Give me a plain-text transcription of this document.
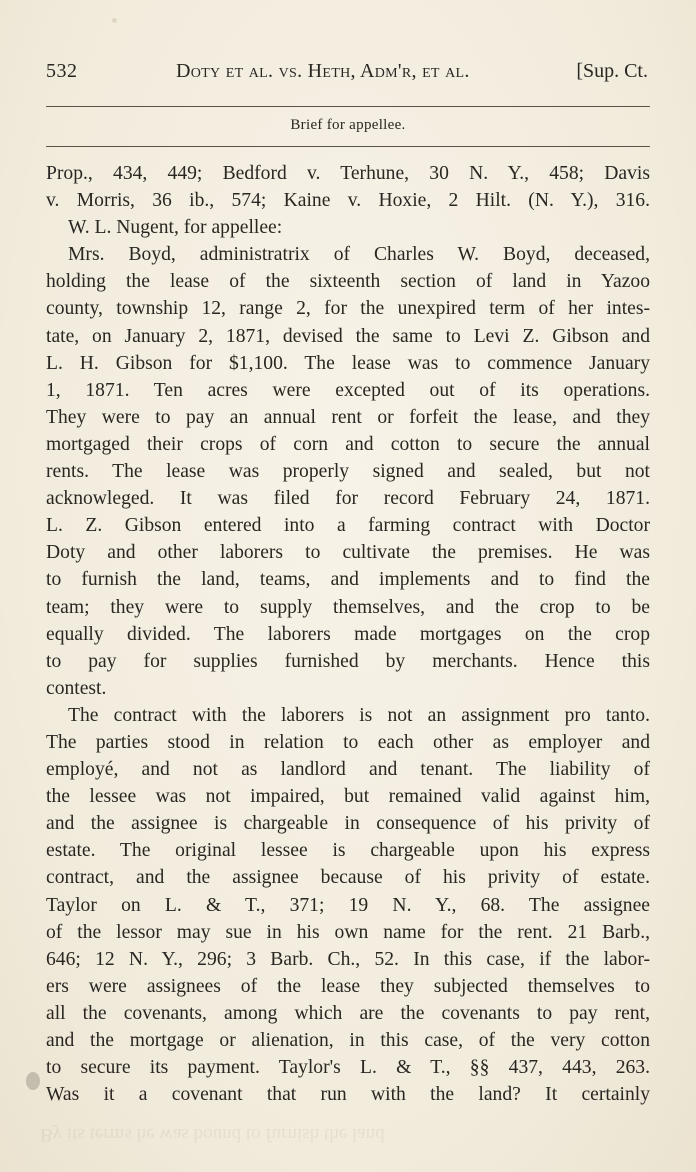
532	Doty et al. vs. Heth, Adm'r, et al.	[Sup. Ct.
Brief for appellee.
Prop., 434, 449; Bedford v. Terhune, 30 N. Y., 458; Davis
v. Morris, 36 ib., 574; Kaine v. Hoxie, 2 Hilt. (N. Y.), 316.
W. L. Nugent, for appellee:
Mrs. Boyd, administratrix of Charles W. Boyd, deceased,
holding the lease of the sixteenth section of land in Yazoo
county, township 12, range 2, for the unexpired term of her intes-
tate, on January 2, 1871, devised the same to Levi Z. Gibson and
L. H. Gibson for $1,100. The lease was to commence January
1, 1871. Ten acres were excepted out of its operations.
They were to pay an annual rent or forfeit the lease, and they
mortgaged their crops of corn and cotton to secure the annual
rents. The lease was properly signed and sealed, but not
acknowleged. It was filed for record February 24, 1871.
L. Z. Gibson entered into a farming contract with Doctor
Doty and other laborers to cultivate the premises. He was
to furnish the land, teams, and implements and to find the
team; they were to supply themselves, and the crop to be
equally divided. The laborers made mortgages on the crop
to pay for supplies furnished by merchants. Hence this
contest.
The contract with the laborers is not an assignment pro tanto.
The parties stood in relation to each other as employer and
employé, and not as landlord and tenant. The liability of
the lessee was not impaired, but remained valid against him,
and the assignee is chargeable in consequence of his privity of
estate. The original lessee is chargeable upon his express
contract, and the assignee because of his privity of estate.
Taylor on L. & T., 371; 19 N. Y., 68. The assignee
of the lessor may sue in his own name for the rent. 21 Barb.,
646; 12 N. Y., 296; 3 Barb. Ch., 52. In this case, if the labor-
ers were assignees of the lease they subjected themselves to
all the covenants, among which are the covenants to pay rent,
and the mortgage or alienation, in this case, of the very cotton
to secure its payment. Taylor's L. & T., §§ 437, 443, 263.
Was it a covenant that run with the land? It certainly
By its terms he was bound to furnish the land
